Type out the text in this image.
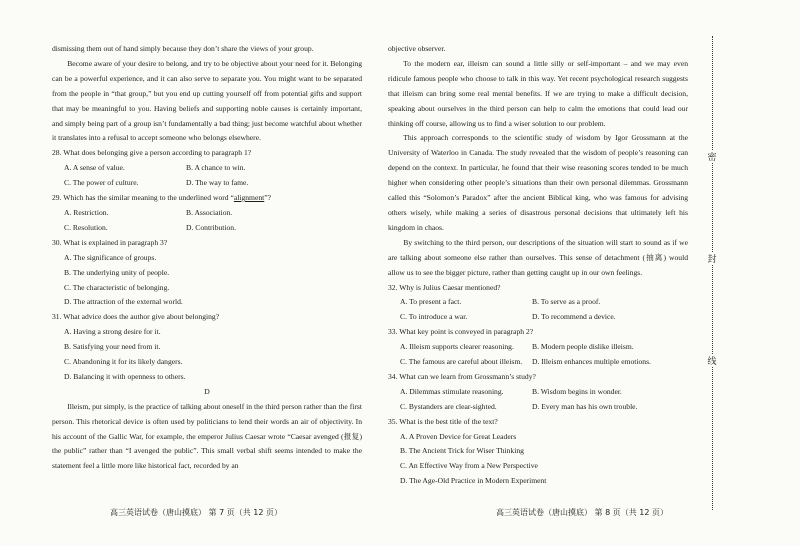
dismissing them out of hand simply because they don’t share the views of your group.

Become aware of your desire to belong, and try to be objective about your need for it. Belonging can be a powerful experience, and it can also serve to separate you. You might want to be separated from the people in “that group,” but you end up cutting yourself off from potential gifts and support that may be meaningful to you. Having beliefs and supporting noble causes is certainly important, and simply being part of a group isn’t fundamentally a bad thing; just become watchful about whether it translates into a refusal to accept someone who belongs elsewhere.

28. What does belonging give a person according to paragraph 1?

A. A sense of value.	B. A chance to win.
C. The power of culture.	D. The way to fame.

29. Which has the similar meaning to the underlined word “alignment”?

A. Restriction.	B. Association.
C. Resolution.	D. Contribution.

30. What is explained in paragraph 3?

A. The significance of groups.

B. The underlying unity of people.

C. The characteristic of belonging.

D. The attraction of the external world.

31. What advice does the author give about belonging?

A. Having a strong desire for it.

B. Satisfying your need from it.

C. Abandoning it for its likely dangers.

D. Balancing it with openness to others.

D

Illeism, put simply, is the practice of talking about oneself in the third person rather than the first person. This rhetorical device is often used by politicians to lend their words an air of objectivity. In his account of the Gallic War, for example, the emperor Julius Caesar wrote “Caesar avenged (报复) the public” rather than “I avenged the public”. This small verbal shift seems intended to make the statement feel a little more like historical fact, recorded by an

高三英语试卷（唐山摸底） 第 7 页（共 12 页）

objective observer.

To the modern ear, illeism can sound a little silly or self-important – and we may even ridicule famous people who choose to talk in this way. Yet recent psychological research suggests that illeism can bring some real mental benefits. If we are trying to make a difficult decision, speaking about ourselves in the third person can help to calm the emotions that could lead our thinking off course, allowing us to find a wiser solution to our problem.

This approach corresponds to the scientific study of wisdom by Igor Grossmann at the University of Waterloo in Canada. The study revealed that the wisdom of people’s reasoning can depend on the context. In particular, he found that their wise reasoning scores tended to be much higher when considering other people’s situations than their own personal dilemmas. Grossmann called this “Solomon’s Paradox” after the ancient Biblical king, who was famous for advising others wisely, while making a series of disastrous personal decisions that ultimately left his kingdom in chaos.

By switching to the third person, our descriptions of the situation will start to sound as if we are talking about someone else rather than ourselves. This sense of detachment (抽离) would allow us to see the bigger picture, rather than getting caught up in our own feelings.

32. Why is Julius Caesar mentioned?

A. To present a fact.	B. To serve as a proof.
C. To introduce a war.	D. To recommend a device.

33. What key point is conveyed in paragraph 2?

A. Illeism supports clearer reasoning.	B. Modern people dislike illeism.
C. The famous are careful about illeism.	D. Illeism enhances multiple emotions.

34. What can we learn from Grossmann’s study?

A. Dilemmas stimulate reasoning.	B. Wisdom begins in wonder.
C. Bystanders are clear-sighted.	D. Every man has his own trouble.

35. What is the best title of the text?

A. A Proven Device for Great Leaders

B. The Ancient Trick for Wiser Thinking

C. An Effective Way from a New Perspective

D. The Age-Old Practice in Modern Experiment

高三英语试卷（唐山摸底） 第 8 页（共 12 页）
密
封
线
